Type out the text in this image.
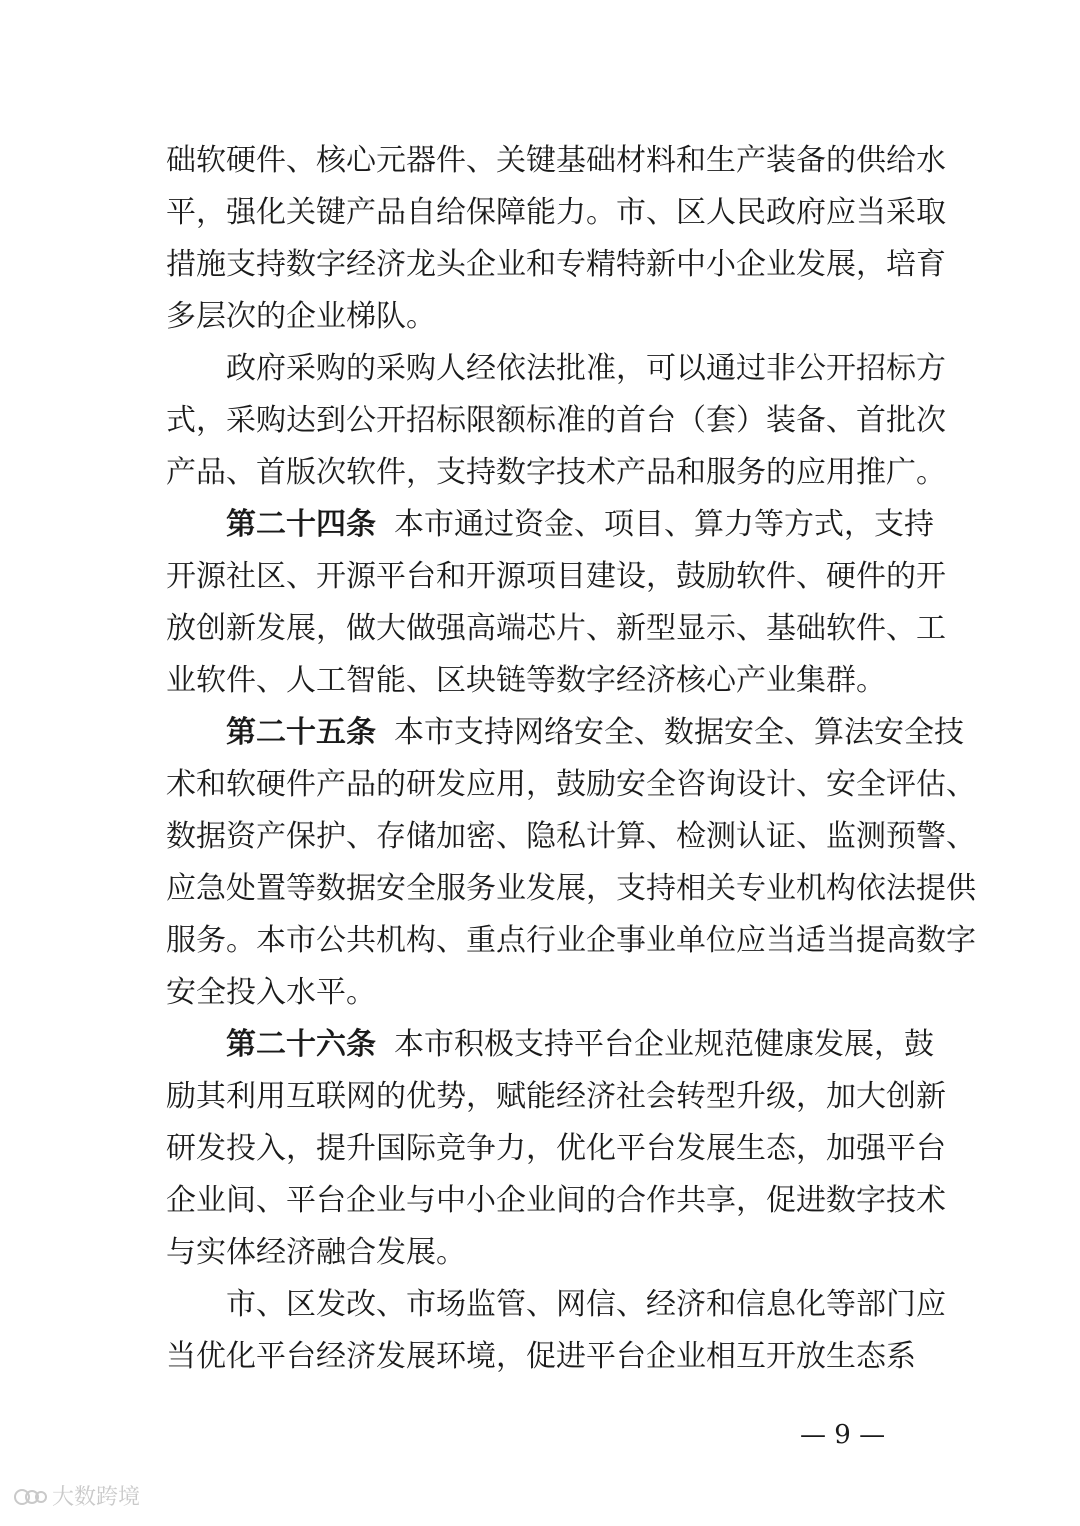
础软硬件、核心元器件、关键基础材料和生产装备的供给水
平，强化关键产品自给保障能力。市、区人民政府应当采取
措施支持数字经济龙头企业和专精特新中小企业发展，培育
多层次的企业梯队。
政府采购的采购人经依法批准，可以通过非公开招标方
式，采购达到公开招标限额标准的首台（套）装备、首批次
产品、首版次软件，支持数字技术产品和服务的应用推广。
第二十四条 本市通过资金、项目、算力等方式，支持
开源社区、开源平台和开源项目建设，鼓励软件、硬件的开
放创新发展，做大做强高端芯片、新型显示、基础软件、工
业软件、人工智能、区块链等数字经济核心产业集群。
第二十五条 本市支持网络安全、数据安全、算法安全技
术和软硬件产品的研发应用，鼓励安全咨询设计、安全评估、
数据资产保护、存储加密、隐私计算、检测认证、监测预警、
应急处置等数据安全服务业发展，支持相关专业机构依法提供
服务。本市公共机构、重点行业企事业单位应当适当提高数字
安全投入水平。
第二十六条 本市积极支持平台企业规范健康发展，鼓
励其利用互联网的优势，赋能经济社会转型升级，加大创新
研发投入，提升国际竞争力，优化平台发展生态，加强平台
企业间、平台企业与中小企业间的合作共享，促进数字技术
与实体经济融合发展。
市、区发改、市场监管、网信、经济和信息化等部门应
当优化平台经济发展环境，促进平台企业相互开放生态系
— 9 —
大数跨境
